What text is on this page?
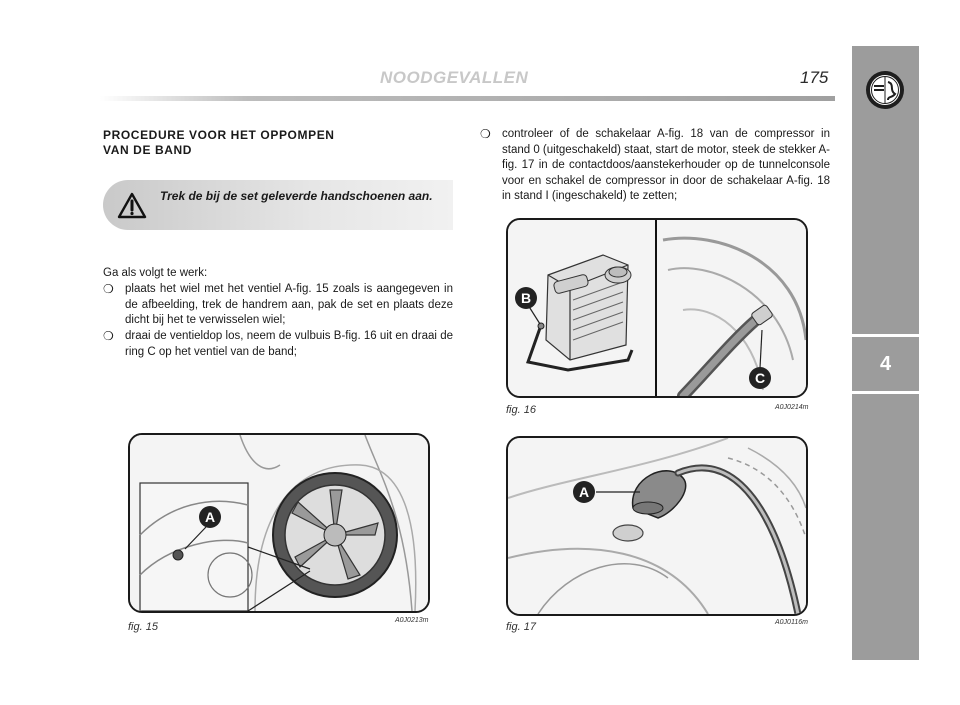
NOODGEVALLEN	175
4
PROCEDURE VOOR HET OPPOMPEN
VAN DE BAND
Trek de bij de set geleverde handschoenen aan.
Ga als volgt te werk:
❍ plaats het wiel met het ventiel A-fig. 15 zoals is aangegeven in de afbeelding, trek de handrem aan, pak de set en plaats deze dicht bij het te verwisselen wiel;
❍ draai de ventieldop los, neem de vulbuis B-fig. 16 uit en draai de ring C op het ventiel van de band;
❍ controleer of de schakelaar A-fig. 18 van de compressor in stand 0 (uitgeschakeld) staat, start de motor, steek de stekker A-fig. 17 in de contactdoos/aanstekerhouder op de tunnelconsole voor en schakel de compressor in door de schakelaar A-fig. 18 in stand I (ingeschakeld) te zetten;
B
C
fig. 16	A0J0214m
A
fig. 15
A0J0213m
A
fig. 17	A0J0116m
